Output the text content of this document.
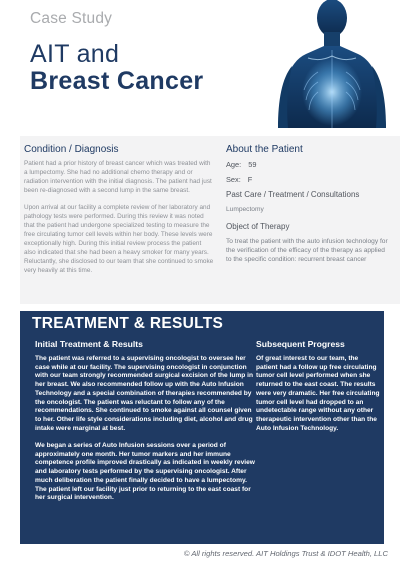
Case Study
AIT and
Breast Cancer
Condition / Diagnosis

Patient had a prior history of breast cancer which was treated with a lumpectomy. She had no additional chemo therapy and or radiation intervention with the initial diagnosis. The patient had just been re-diagnosed with a second lump in the same breast.

Upon arrival at our facility a complete review of her laboratory and pathology tests were performed. During this review it was noted that the patient had undergone specialized testing to measure the free circulating tumor cell levels within her body. These levels were exceptionally high. During this initial review process the patient also indicated that she had been a heavy smoker for many years. Reluctantly, she disclosed to our team that she continued to smoke very heavily at this time.

About the Patient
Age: 59
Sex: F
Past Care / Treatment / Consultations
Lumpectomy
Object of Therapy
To treat the patient with the auto infusion technology for the verification of the efficacy of the therapy as applied to the specific condition: recurrent breast cancer
TREATMENT & RESULTS
Initial Treatment & Results	Subsequent Progress

The patient was referred to a supervising oncologist to oversee her case while at our facility. The supervising oncologist in conjunction with our team strongly recommended surgical excision of the lump in her breast. We also recommended follow up with the Auto Infusion Technology and a special combination of therapies recommended by the oncologist. The patient was reluctant to follow any of the recommendations. She continued to smoke against all counsel given to her. Other life style considerations including diet, alcohol and drug intake were marginal at best.

We began a series of Auto Infusion sessions over a period of approximately one month. Her tumor markers and her immune competence profile improved drastically as indicated in weekly review and laboratory tests performed by the supervising oncologist. After much deliberation the patient finally decided to have a lumpectomy. The patient left our facility just prior to returning to the east coast for her surgical intervention.

Of great interest to our team, the patient had a follow up free circulating tumor cell level performed when she returned to the east coast. The results were very dramatic. Her free circulating tumor cell level had dropped to an undetectable range without any other therapeutic intervention other than the Auto Infusion Technology.
© All rights reserved. AIT Holdings Trust & IDOT Health, LLC
